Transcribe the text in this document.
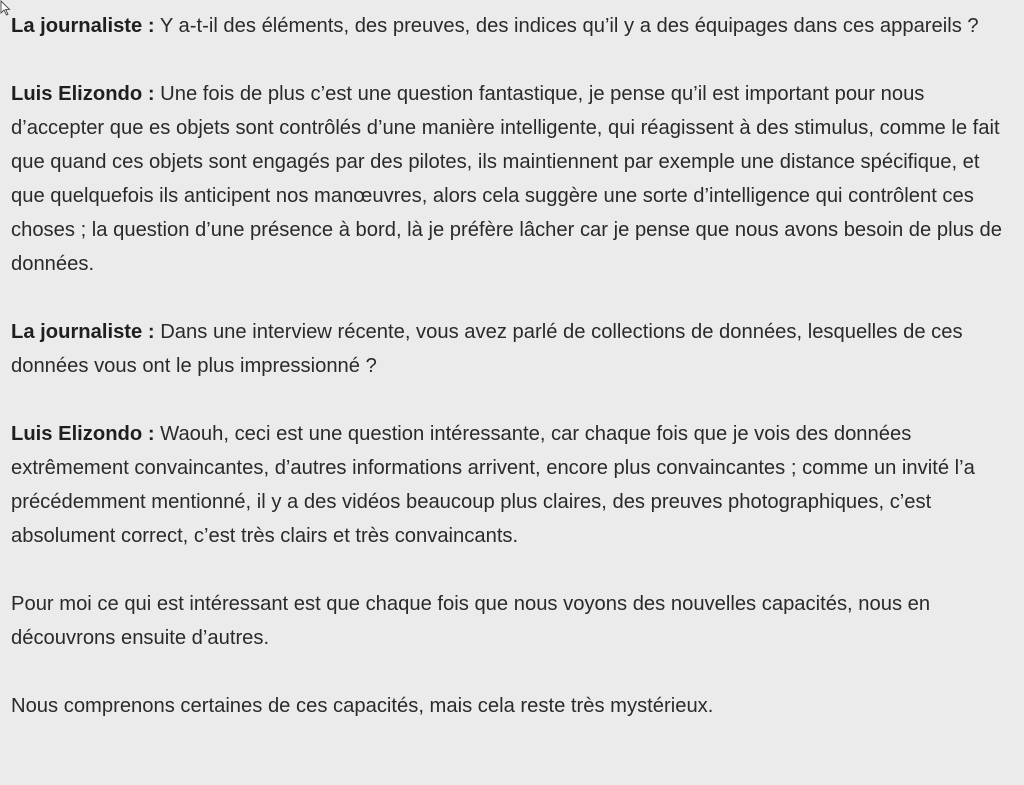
La journaliste : Y a-t-il des éléments, des preuves, des indices qu’il y a des équipages dans ces appareils ?

Luis Elizondo : Une fois de plus c’est une question fantastique, je pense qu’il est important pour nous d’accepter que es objets sont contrôlés d’une manière intelligente, qui réagissent à des stimulus, comme le fait que quand ces objets sont engagés par des pilotes, ils maintiennent par exemple une distance spécifique, et que quelquefois ils anticipent nos manœuvres, alors cela suggère une sorte d’intelligence qui contrôlent ces choses ; la question d’une présence à bord, là je préfère lâcher car je pense que nous avons besoin de plus de données.

La journaliste : Dans une interview récente, vous avez parlé de collections de données, lesquelles de ces données vous ont le plus impressionné ?

Luis Elizondo : Waouh, ceci est une question intéressante, car chaque fois que je vois des données extrêmement convaincantes, d’autres informations arrivent, encore plus convaincantes ; comme un invité l’a précédemment mentionné, il y a des vidéos beaucoup plus claires, des preuves photographiques, c’est absolument correct, c’est très clairs et très convaincants.

Pour moi ce qui est intéressant est que chaque fois que nous voyons des nouvelles capacités, nous en découvrons ensuite d’autres.

Nous comprenons certaines de ces capacités, mais cela reste très mystérieux.
